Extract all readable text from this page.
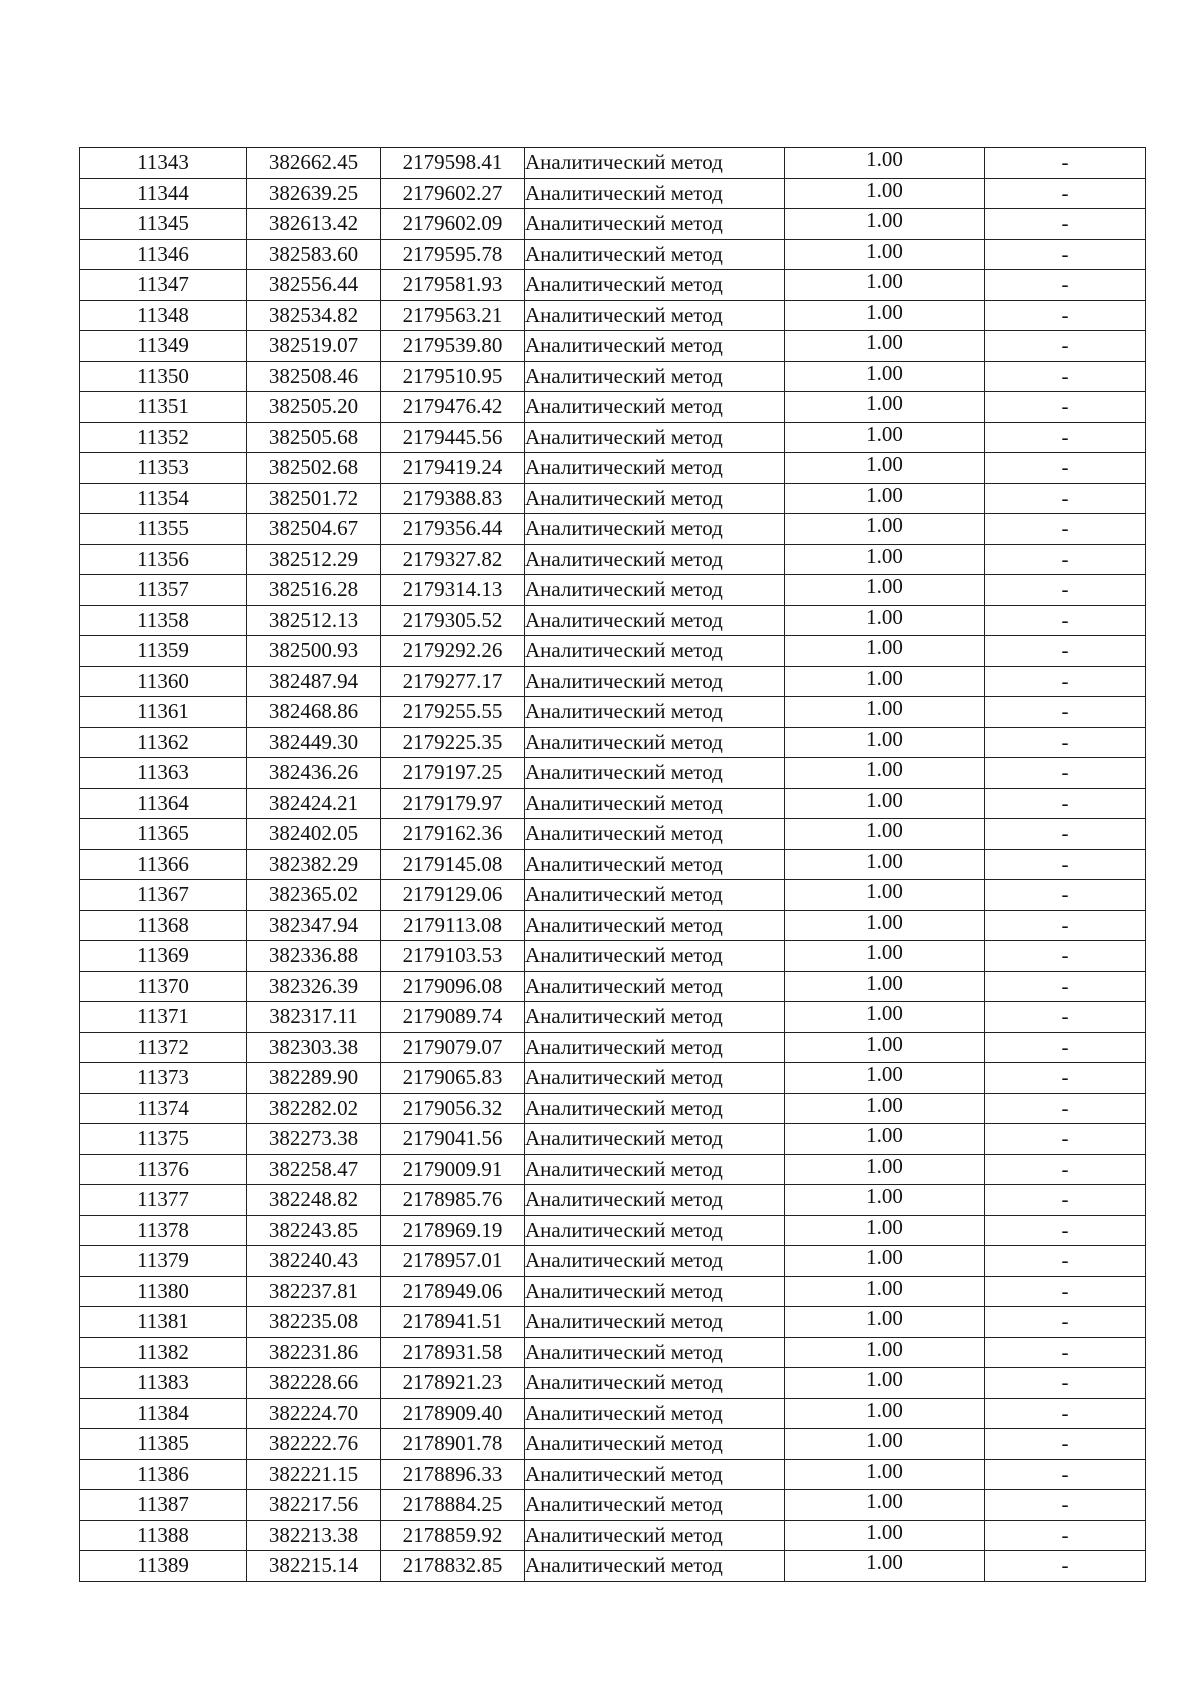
11343	382662.45	2179598.41	Аналитический метод	1.00	-
11344	382639.25	2179602.27	Аналитический метод	1.00	-
11345	382613.42	2179602.09	Аналитический метод	1.00	-
11346	382583.60	2179595.78	Аналитический метод	1.00	-
11347	382556.44	2179581.93	Аналитический метод	1.00	-
11348	382534.82	2179563.21	Аналитический метод	1.00	-
11349	382519.07	2179539.80	Аналитический метод	1.00	-
11350	382508.46	2179510.95	Аналитический метод	1.00	-
11351	382505.20	2179476.42	Аналитический метод	1.00	-
11352	382505.68	2179445.56	Аналитический метод	1.00	-
11353	382502.68	2179419.24	Аналитический метод	1.00	-
11354	382501.72	2179388.83	Аналитический метод	1.00	-
11355	382504.67	2179356.44	Аналитический метод	1.00	-
11356	382512.29	2179327.82	Аналитический метод	1.00	-
11357	382516.28	2179314.13	Аналитический метод	1.00	-
11358	382512.13	2179305.52	Аналитический метод	1.00	-
11359	382500.93	2179292.26	Аналитический метод	1.00	-
11360	382487.94	2179277.17	Аналитический метод	1.00	-
11361	382468.86	2179255.55	Аналитический метод	1.00	-
11362	382449.30	2179225.35	Аналитический метод	1.00	-
11363	382436.26	2179197.25	Аналитический метод	1.00	-
11364	382424.21	2179179.97	Аналитический метод	1.00	-
11365	382402.05	2179162.36	Аналитический метод	1.00	-
11366	382382.29	2179145.08	Аналитический метод	1.00	-
11367	382365.02	2179129.06	Аналитический метод	1.00	-
11368	382347.94	2179113.08	Аналитический метод	1.00	-
11369	382336.88	2179103.53	Аналитический метод	1.00	-
11370	382326.39	2179096.08	Аналитический метод	1.00	-
11371	382317.11	2179089.74	Аналитический метод	1.00	-
11372	382303.38	2179079.07	Аналитический метод	1.00	-
11373	382289.90	2179065.83	Аналитический метод	1.00	-
11374	382282.02	2179056.32	Аналитический метод	1.00	-
11375	382273.38	2179041.56	Аналитический метод	1.00	-
11376	382258.47	2179009.91	Аналитический метод	1.00	-
11377	382248.82	2178985.76	Аналитический метод	1.00	-
11378	382243.85	2178969.19	Аналитический метод	1.00	-
11379	382240.43	2178957.01	Аналитический метод	1.00	-
11380	382237.81	2178949.06	Аналитический метод	1.00	-
11381	382235.08	2178941.51	Аналитический метод	1.00	-
11382	382231.86	2178931.58	Аналитический метод	1.00	-
11383	382228.66	2178921.23	Аналитический метод	1.00	-
11384	382224.70	2178909.40	Аналитический метод	1.00	-
11385	382222.76	2178901.78	Аналитический метод	1.00	-
11386	382221.15	2178896.33	Аналитический метод	1.00	-
11387	382217.56	2178884.25	Аналитический метод	1.00	-
11388	382213.38	2178859.92	Аналитический метод	1.00	-
11389	382215.14	2178832.85	Аналитический метод	1.00	-
